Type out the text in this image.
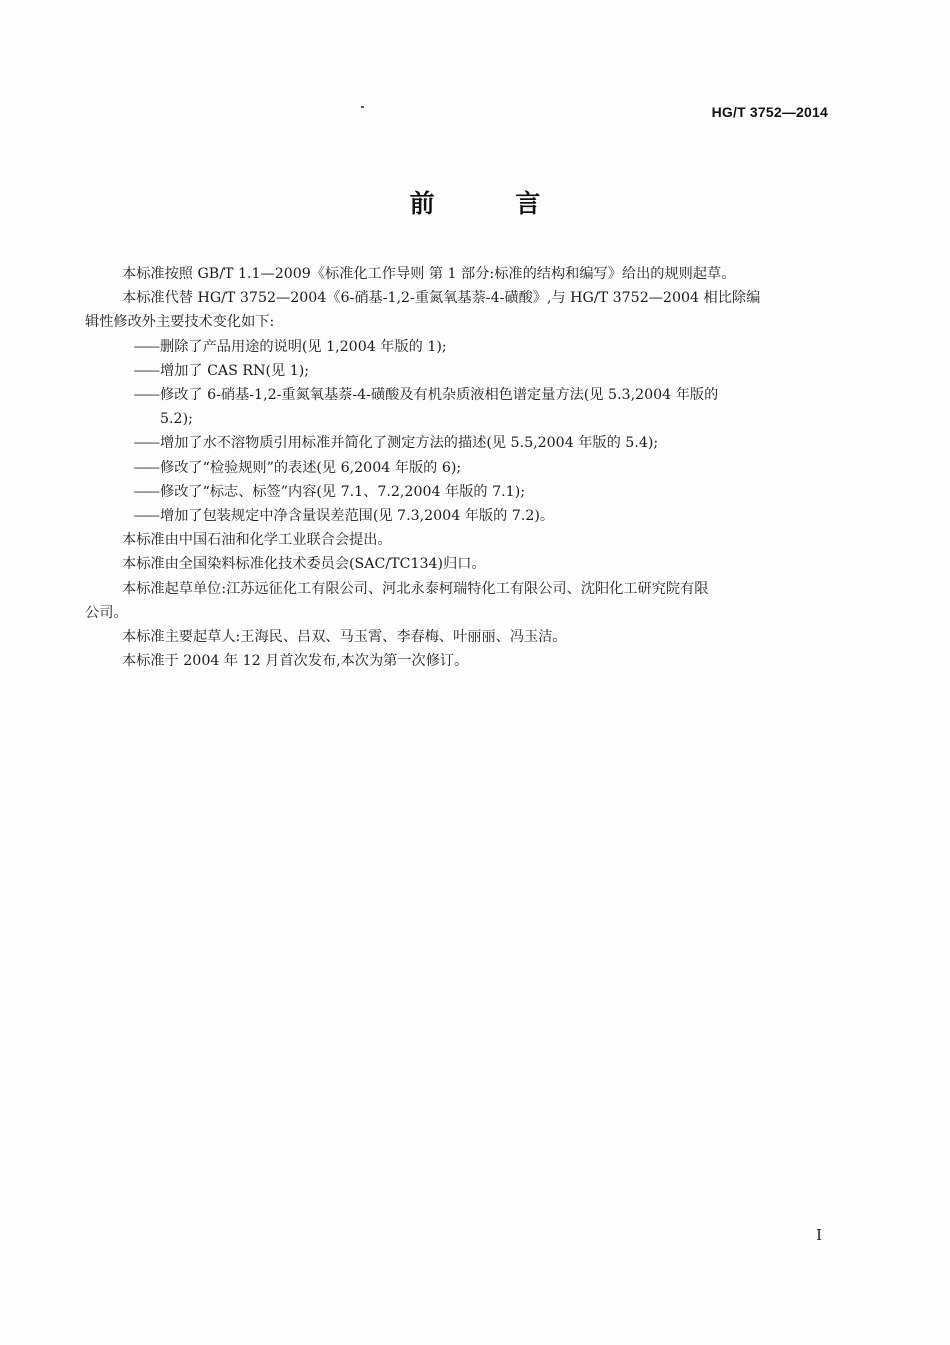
HG/T 3752—2014
前 言

本标准按照 GB/T 1.1—2009《标准化工作导则 第 1 部分:标准的结构和编写》给出的规则起草。

本标准代替 HG/T 3752—2004《6-硝基-1,2-重氮氧基萘-4-磺酸》,与 HG/T 3752—2004 相比除编
辑性修改外主要技术变化如下:

—— 删除了产品用途的说明(见 1,2004 年版的 1);

—— 增加了 CAS RN(见 1);

—— 修改了 6-硝基-1,2-重氮氧基萘-4-磺酸及有机杂质液相色谱定量方法(见 5.3,2004 年版的
5.2);

—— 增加了水不溶物质引用标准并简化了测定方法的描述(见 5.5,2004 年版的 5.4);

—— 修改了“检验规则”的表述(见 6,2004 年版的 6);

—— 修改了“标志、标签”内容(见 7.1、7.2,2004 年版的 7.1);

—— 增加了包装规定中净含量误差范围(见 7.3,2004 年版的 7.2)。

本标准由中国石油和化学工业联合会提出。

本标准由全国染料标准化技术委员会(SAC/TC134)归口。

本标准起草单位:江苏远征化工有限公司、河北永泰柯瑞特化工有限公司、沈阳化工研究院有限
公司。

本标准主要起草人:王海民、吕双、马玉霄、李春梅、叶丽丽、冯玉洁。

本标准于 2004 年 12 月首次发布,本次为第一次修订。

I
